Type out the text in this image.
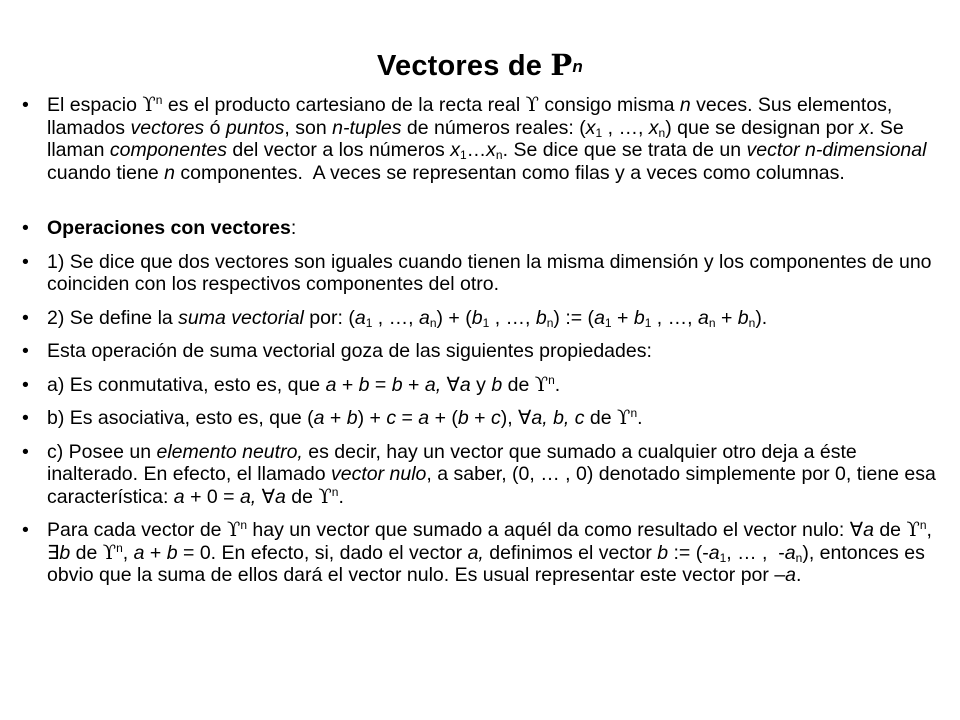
Vectores de $P^n$
• El espacio $ϒ^n$ es el producto cartesiano de la recta real ϒ consigo misma n veces. Sus elementos, llamados vectores ó puntos, son n-tuples de números reales: ($x_1$ , …, $x_n$) que se designan por x. Se llaman componentes del vector a los números $x_1\dots x_n$. Se dice que se trata de un vector n-dimensional cuando tiene n componentes.  A veces se representan como filas y a veces como columnas.
• Operaciones con vectores:
• 1) Se dice que dos vectores son iguales cuando tienen la misma dimensión y los componentes de uno coinciden con los respectivos componentes del otro.
• 2) Se define la suma vectorial por: ($a_1$ , …, $a_n) + (b_1$ , …, $b_n$) := ($a_1 + b_1$ , …, $a_n + b_n$).
• Esta operación de suma vectorial goza de las siguientes propiedades:
• a) Es conmutativa, esto es, que a + b = b + a, ∀a y b de $ϒ^n$.
• b) Es asociativa, esto es, que (a + b) + c = a + (b + c), ∀a, b, c de $ϒ^n$.
• c) Posee un elemento neutro, es decir, hay un vector que sumado a cualquier otro deja a éste inalterado. En efecto, el llamado vector nulo, a saber, (0, … , 0) denotado simplemente por 0, tiene esa característica: a + 0 = a, ∀a de $ϒ^n$.
• Para cada vector de $ϒ^n$ hay un vector que sumado a aquél da como resultado el vector nulo: ∀a de $ϒ^n$, ∃b de $ϒ^n$, a + b = 0. En efecto, si, dado el vector a, definimos el vector b := ($-a_1$, … ,  $-a_n$), entonces es obvio que la suma de ellos dará el vector nulo. Es usual representar este vector por –a.
